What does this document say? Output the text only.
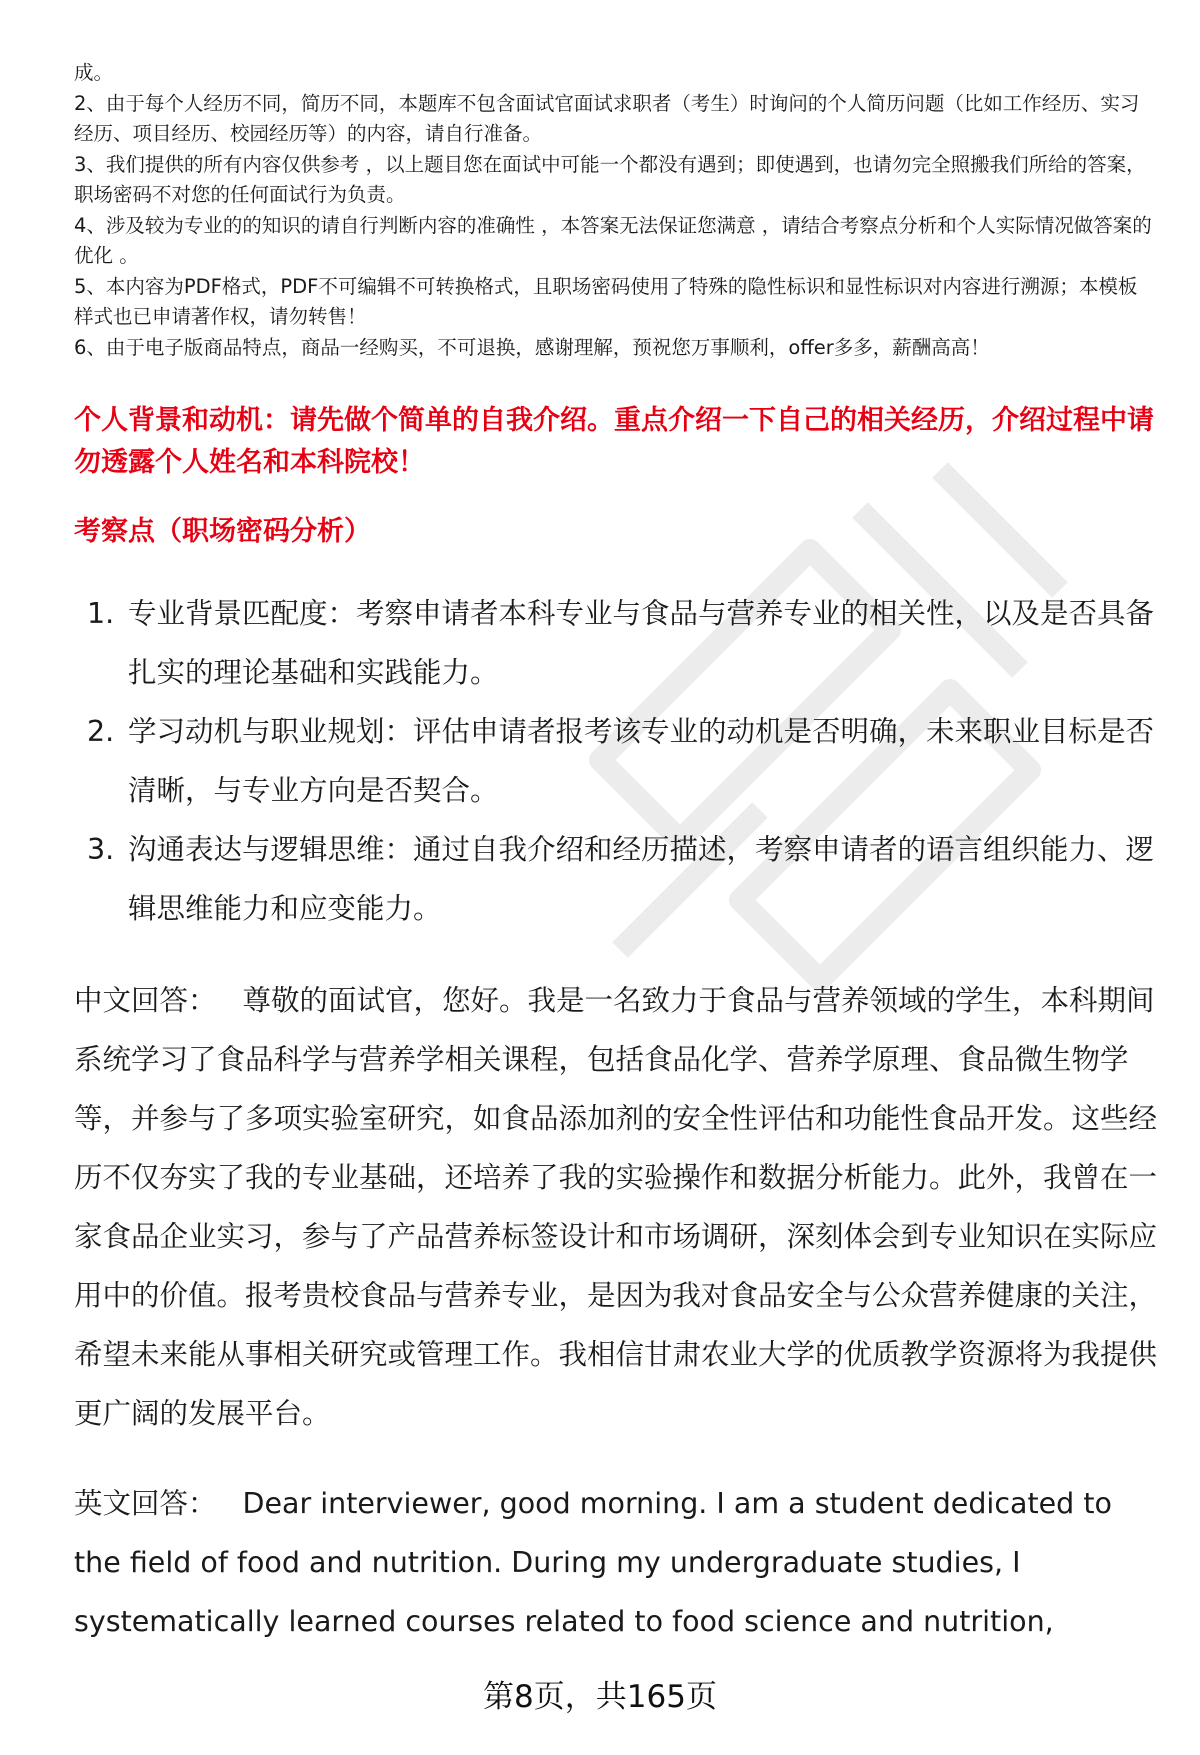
成。

2、由于每个人经历不同，简历不同，本题库不包含面试官面试求职者（考生）时询问的个人简历问题（比如工作经历、实习经历、项目经历、校园经历等）的内容，请自行准备。

3、我们提供的所有内容仅供参考 ，以上题目您在面试中可能一个都没有遇到；即使遇到，也请勿完全照搬我们所给的答案，职场密码不对您的任何面试行为负责。

4、涉及较为专业的的知识的请自行判断内容的准确性 ，本答案无法保证您满意 ，请结合考察点分析和个人实际情况做答案的优化 。

5、本内容为PDF格式，PDF不可编辑不可转换格式，且职场密码使用了特殊的隐性标识和显性标识对内容进行溯源；本模板样式也已申请著作权，请勿转售！

6、由于电子版商品特点，商品一经购买，不可退换，感谢理解，预祝您万事顺利，offer多多，薪酬高高！

个人背景和动机：请先做个简单的自我介绍。重点介绍一下自己的相关经历，介绍过程中请勿透露个人姓名和本科院校！
考察点（职场密码分析）
1. 专业背景匹配度：考察申请者本科专业与食品与营养专业的相关性，以及是否具备扎实的理论基础和实践能力。
2. 学习动机与职业规划：评估申请者报考该专业的动机是否明确，未来职业目标是否清晰，与专业方向是否契合。
3. 沟通表达与逻辑思维：通过自我介绍和经历描述，考察申请者的语言组织能力、逻辑思维能力和应变能力。

中文回答： 尊敬的面试官，您好。我是一名致力于食品与营养领域的学生，本科期间系统学习了食品科学与营养学相关课程，包括食品化学、营养学原理、食品微生物学等，并参与了多项实验室研究，如食品添加剂的安全性评估和功能性食品开发。这些经历不仅夯实了我的专业基础，还培养了我的实验操作和数据分析能力。此外，我曾在一家食品企业实习，参与了产品营养标签设计和市场调研，深刻体会到专业知识在实际应用中的价值。报考贵校食品与营养专业，是因为我对食品安全与公众营养健康的关注，希望未来能从事相关研究或管理工作。我相信甘肃农业大学的优质教学资源将为我提供更广阔的发展平台。

英文回答： Dear interviewer, good morning. I am a student dedicated to the field of food and nutrition. During my undergraduate studies, I systematically learned courses related to food science and nutrition,

第8页，共165页
